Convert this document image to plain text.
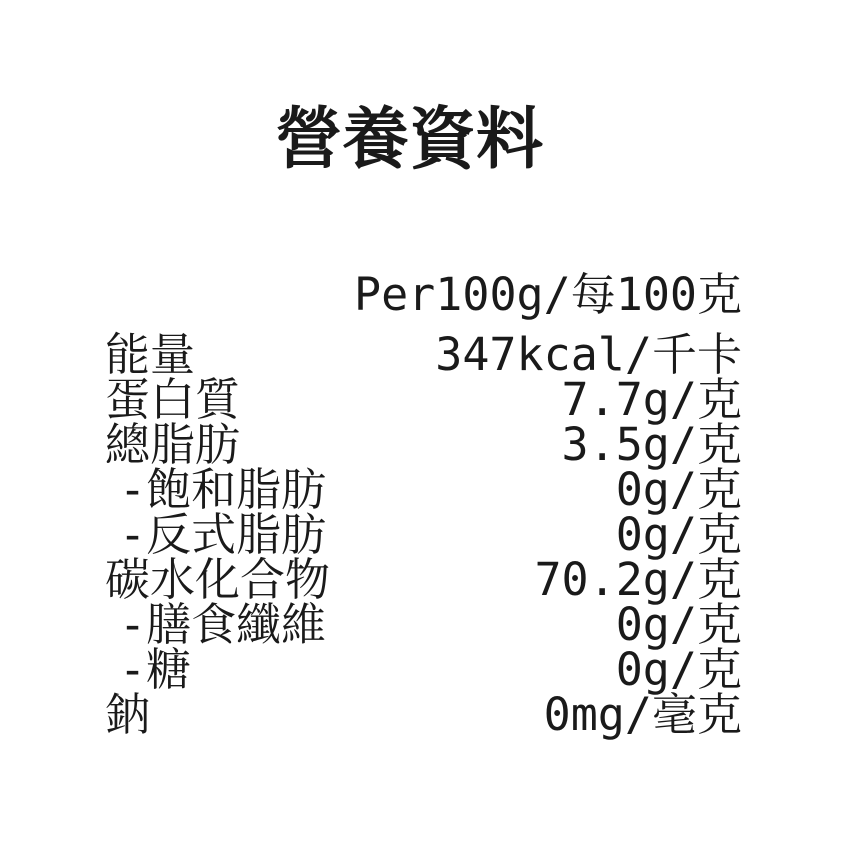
營養資料
Per100g/每100克
能量	347kcal/千卡
蛋白質	7.7g/克
總脂肪	3.5g/克
-飽和脂肪	0g/克
-反式脂肪	0g/克
碳水化合物	70.2g/克
-膳食纖維	0g/克
-糖	0g/克
鈉	0mg/毫克
